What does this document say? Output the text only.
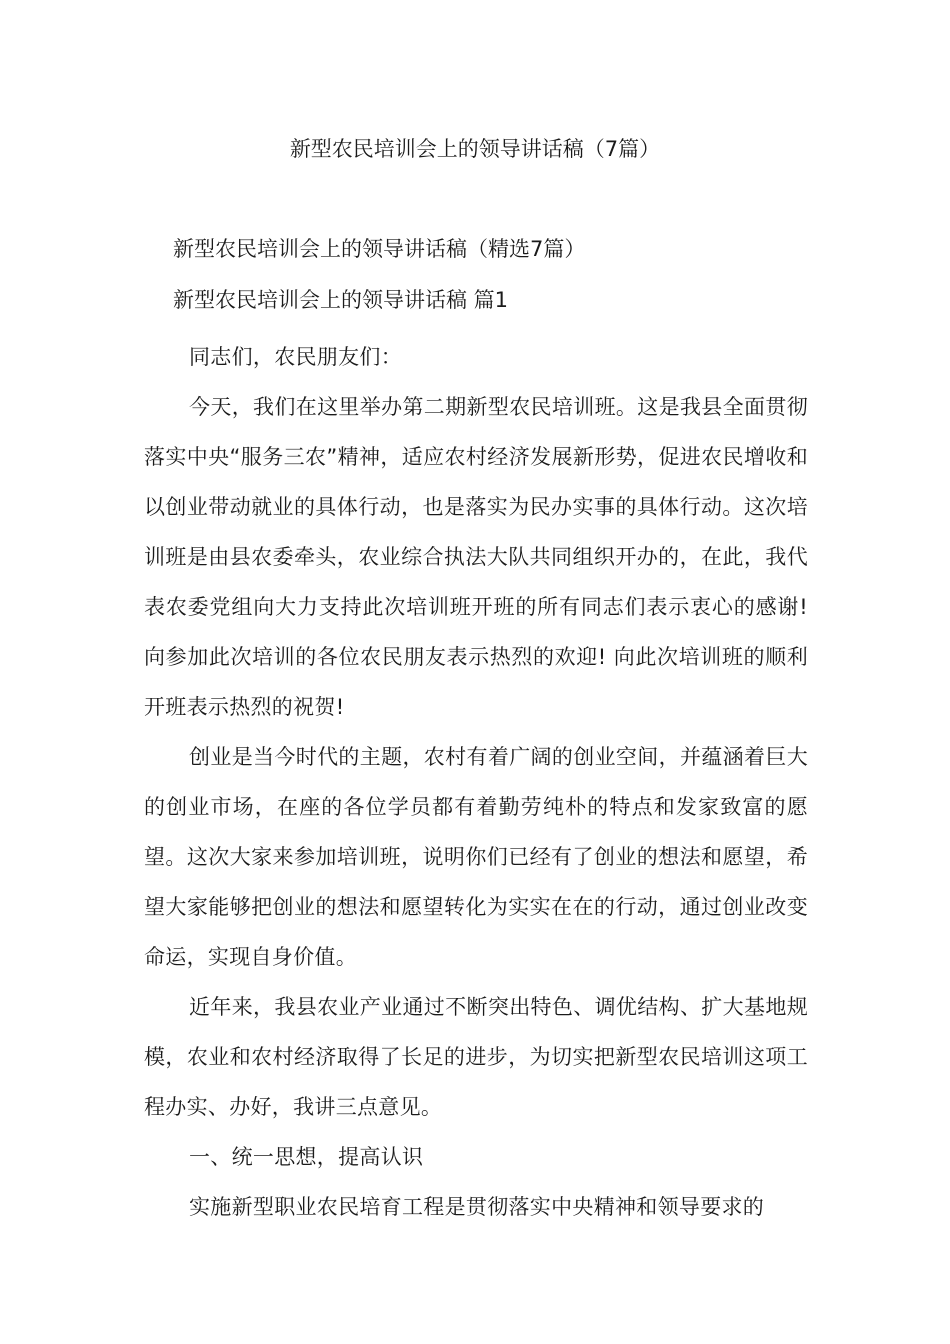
新型农民培训会上的领导讲话稿（7篇）

新型农民培训会上的领导讲话稿（精选7篇）

新型农民培训会上的领导讲话稿 篇1

同志们，农民朋友们：

今天，我们在这里举办第二期新型农民培训班。这是我县全面贯彻落实中央“服务三农”精神，适应农村经济发展新形势，促进农民增收和以创业带动就业的具体行动，也是落实为民办实事的具体行动。这次培训班是由县农委牵头，农业综合执法大队共同组织开办的，在此，我代表农委党组向大力支持此次培训班开班的所有同志们表示衷心的感谢!向参加此次培训的各位农民朋友表示热烈的欢迎! 向此次培训班的顺利开班表示热烈的祝贺!

创业是当今时代的主题，农村有着广阔的创业空间，并蕴涵着巨大的创业市场，在座的各位学员都有着勤劳纯朴的特点和发家致富的愿望。这次大家来参加培训班，说明你们已经有了创业的想法和愿望，希望大家能够把创业的想法和愿望转化为实实在在的行动，通过创业改变命运，实现自身价值。

近年来，我县农业产业通过不断突出特色、调优结构、扩大基地规模，农业和农村经济取得了长足的进步，为切实把新型农民培训这项工程办实、办好，我讲三点意见。

一、统一思想，提高认识

实施新型职业农民培育工程是贯彻落实中央精神和领导要求的
